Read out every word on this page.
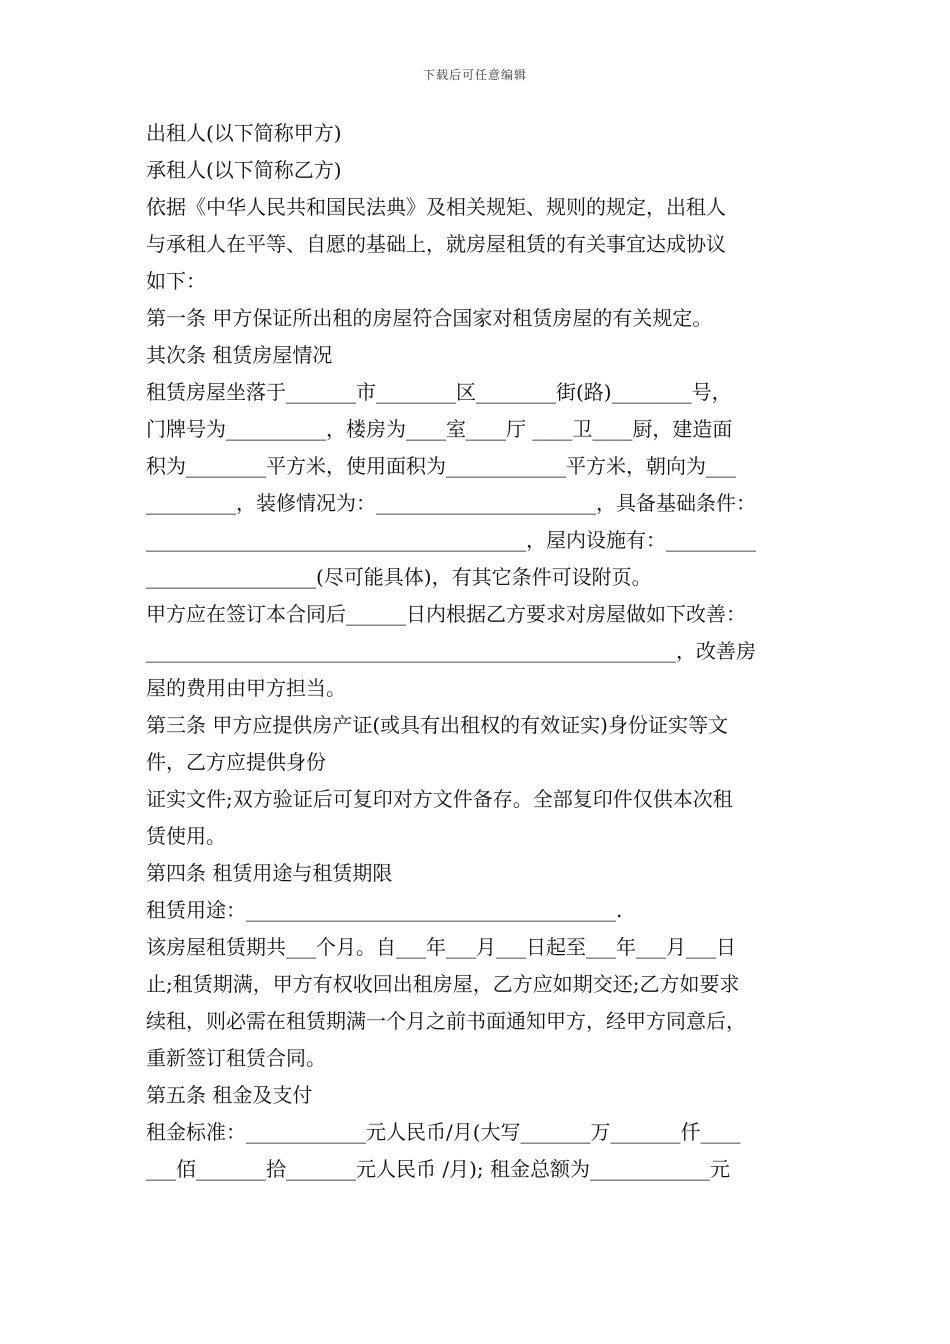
下载后可任意编辑
出租人(以下简称甲方)
承租人(以下简称乙方)
依据《中华人民共和国民法典》及相关规矩、规则的规定，出租人
与承租人在平等、自愿的基础上，就房屋租赁的有关事宜达成协议
如下：
第一条 甲方保证所出租的房屋符合国家对租赁房屋的有关规定。
其次条 租赁房屋情况
租赁房屋坐落于_______市________区________街(路)________号，
门牌号为__________，楼房为____室____厅 ____卫____厨，建造面
积为________平方米，使用面积为____________平方米，朝向为___
_________，装修情况为：______________________，具备基础条件：
______________________________________，屋内设施有：_________
_________________(尽可能具体)，有其它条件可设附页。
甲方应在签订本合同后______日内根据乙方要求对房屋做如下改善：
_____________________________________________________，改善房
屋的费用由甲方担当。
第三条 甲方应提供房产证(或具有出租权的有效证实)身份证实等文
件，乙方应提供身份
证实文件;双方验证后可复印对方文件备存。全部复印件仅供本次租
赁使用。
第四条 租赁用途与租赁期限
租赁用途：_____________________________________.
该房屋租赁期共___个月。自___年___月___日起至___年___月___日
止;租赁期满，甲方有权收回出租房屋，乙方应如期交还;乙方如要求
续租，则必需在租赁期满一个月之前书面通知甲方，经甲方同意后，
重新签订租赁合同。
第五条 租金及支付
租金标准：____________元人民币/月(大写_______万_______仟____
___佰_______拾_______元人民币 /月); 租金总额为____________元
